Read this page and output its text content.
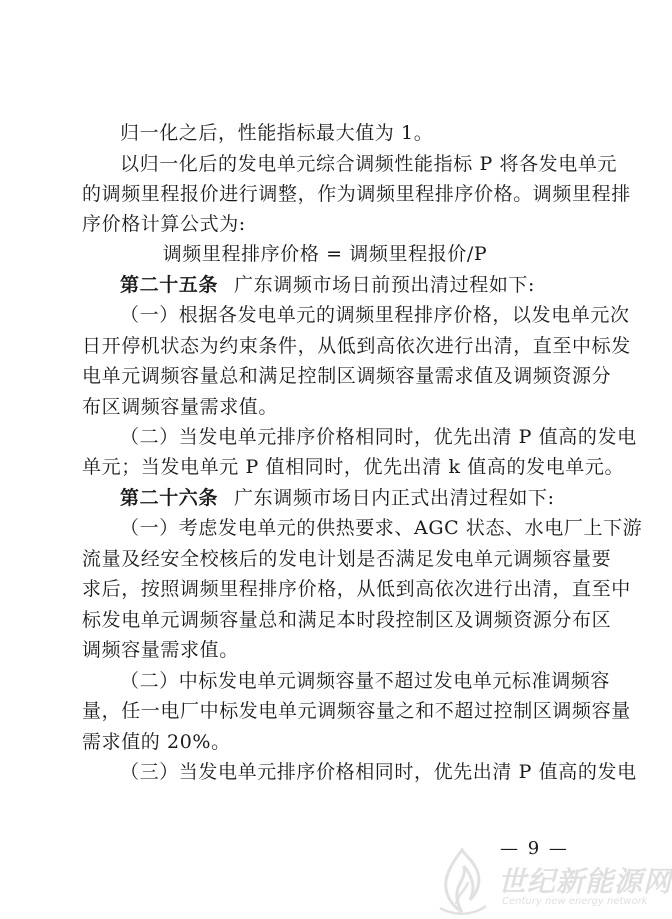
归一化之后，性能指标最大值为 1。
以归一化后的发电单元综合调频性能指标 P 将各发电单元
的调频里程报价进行调整，作为调频里程排序价格。调频里程排
序价格计算公式为:
调频里程排序价格 = 调频里程报价/P
第二十五条 广东调频市场日前预出清过程如下:
（一）根据各发电单元的调频里程排序价格，以发电单元次
日开停机状态为约束条件，从低到高依次进行出清，直至中标发
电单元调频容量总和满足控制区调频容量需求值及调频资源分
布区调频容量需求值。
（二）当发电单元排序价格相同时，优先出清 P 值高的发电
单元；当发电单元 P 值相同时，优先出清 k 值高的发电单元。
第二十六条 广东调频市场日内正式出清过程如下:
（一）考虑发电单元的供热要求、AGC 状态、水电厂上下游
流量及经安全校核后的发电计划是否满足发电单元调频容量要
求后，按照调频里程排序价格，从低到高依次进行出清，直至中
标发电单元调频容量总和满足本时段控制区及调频资源分布区
调频容量需求值。
（二）中标发电单元调频容量不超过发电单元标准调频容
量，任一电厂中标发电单元调频容量之和不超过控制区调频容量
需求值的 20%。
（三）当发电单元排序价格相同时，优先出清 P 值高的发电
— 9 —
世纪新能源网
Century new energy network
